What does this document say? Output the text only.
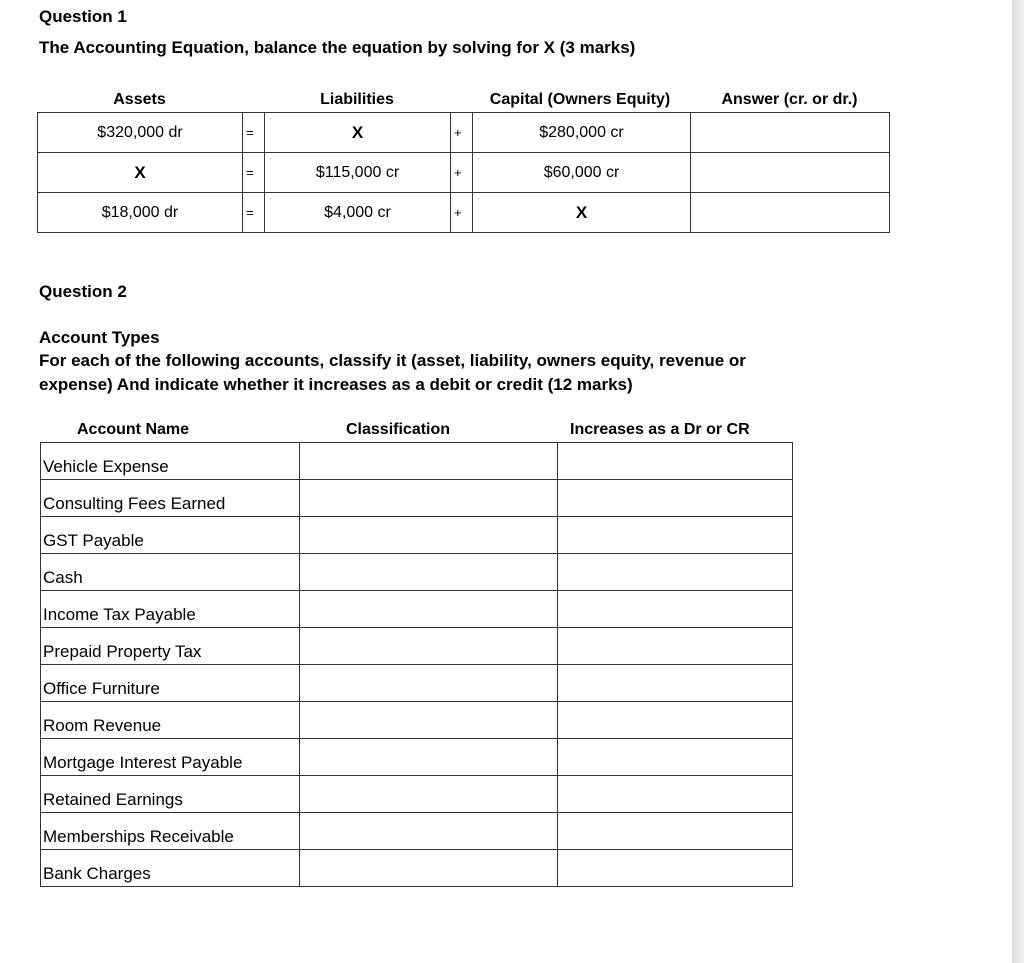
Question 1
The Accounting Equation, balance the equation by solving for X (3 marks)
Assets	Liabilities	Capital (Owners Equity)	Answer (cr. or dr.)
$320,000 dr	=	X	+	$280,000 cr	
X	=	$115,000 cr	+	$60,000 cr	
$18,000 dr	=	$4,000 cr	+	X	
Question 2
Account Types
For each of the following accounts, classify it (asset, liability, owners equity, revenue or
expense) And indicate whether it increases as a debit or credit (12 marks)
Account Name	Classification	Increases as a Dr or CR
Vehicle Expense		
Consulting Fees Earned		
GST Payable		
Cash		
Income Tax Payable		
Prepaid Property Tax		
Office Furniture		
Room Revenue		
Mortgage Interest Payable		
Retained Earnings		
Memberships Receivable		
Bank Charges		
